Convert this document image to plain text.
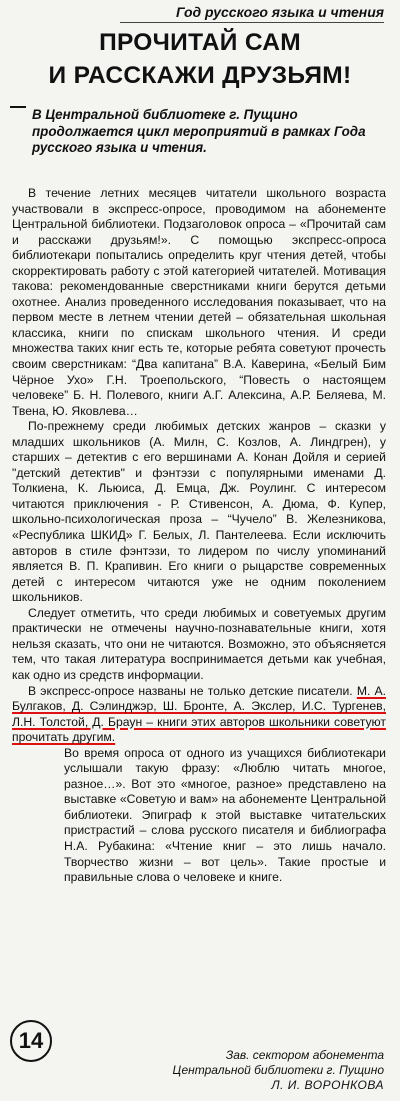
Год русского языка и чтения
ПРОЧИТАЙ САМ
И РАССКАЖИ ДРУЗЬЯМ!

В Центральной библиотеке г. Пущино продолжается цикл мероприятий в рамках Года русского языка и чтения.

В течение летних месяцев читатели школьного возраста участвовали в экспресс-опросе, проводимом на абонементе Центральной библиотеки. Подзаголовок опроса – «Прочитай сам и расскажи друзьям!». С помощью экспресс-опроса библиотекари попытались определить круг чтения детей, чтобы скорректировать работу с этой категорией читателей. Мотивация такова: рекомендованные сверстниками книги берутся детьми охотнее. Анализ проведенного исследования показывает, что на первом месте в летнем чтении детей – обязательная школьная классика, книги по спискам школьного чтения. И среди множества таких книг есть те, которые ребята советуют прочесть своим сверстникам: “Два капитана” В.А. Каверина, «Белый Бим Чёрное Ухо» Г.Н. Троепольского, “Повесть о настоящем человеке” Б. Н. Полевого, книги А.Г. Алексина, А.Р. Беляева, М. Твена, Ю. Яковлева…

По-прежнему среди любимых детских жанров – сказки у младших школьников (А. Милн, С. Козлов, А. Линдгрен), у старших – детектив с его вершинами А. Конан Дойля и серией "детский детектив" и фэнтэзи с популярными именами Д. Толкиена, К. Льюиса, Д. Емца, Дж. Роулинг. С интересом читаются приключения - Р. Стивенсон, А. Дюма, Ф. Купер, школьно-психологическая проза – “Чучело” В. Железникова, «Республика ШКИД» Г. Белых, Л. Пантелеева. Если исключить авторов в стиле фэнтэзи, то лидером по числу упоминаний является В. П. Крапивин. Его книги о рыцарстве современных детей с интересом читаются уже не одним поколением школьников.

Следует отметить, что среди любимых и советуемых другим практически не отмечены научно-познавательные книги, хотя нельзя сказать, что они не читаются. Возможно, это объясняется тем, что такая литература воспринимается детьми как учебная, как одно из средств информации.

В экспресс-опросе названы не только детские писатели. М. А. Булгаков, Д. Сэлинджэр, Ш. Бронте, А. Экслер, И.С. Тургенев, Л.Н. Толстой, Д. Браун – книги этих авторов школьники советуют прочитать другим.

Во время опроса от одного из учащихся библиотекари услышали такую фразу: «Люблю читать многое, разное…». Вот это «многое, разное» представлено на выставке «Советую и вам» на абонементе Центральной библиотеки. Эпиграф к этой выставке читательских пристрастий – слова русского писателя и библиографа Н.А. Рубакина: «Чтение книг – это лишь начало. Творчество жизни – вот цель». Такие простые и правильные слова о человеке и книге.

14
Зав. сектором абонемента
Центральной библиотеки г. Пущино
Л. И. ВОРОНКОВА
